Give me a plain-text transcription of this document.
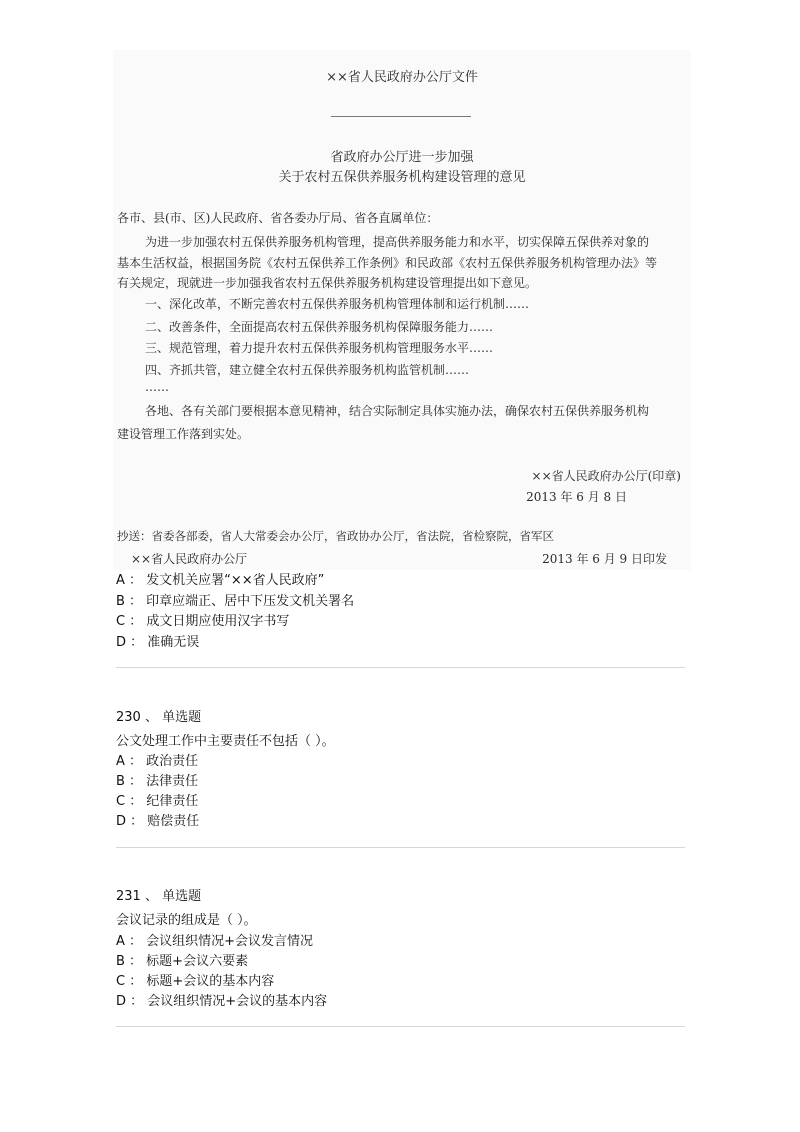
××省人民政府办公厅文件
省政府办公厅进一步加强
关于农村五保供养服务机构建设管理的意见
各市、县(市、区)人民政府、省各委办厅局、省各直属单位：
为进一步加强农村五保供养服务机构管理，提高供养服务能力和水平，切实保障五保供养对象的
基本生活权益，根据国务院《农村五保供养工作条例》和民政部《农村五保供养服务机构管理办法》等
有关规定，现就进一步加强我省农村五保供养服务机构建设管理提出如下意见。
一、深化改革，不断完善农村五保供养服务机构管理体制和运行机制……
二、改善条件，全面提高农村五保供养服务机构保障服务能力……
三、规范管理，着力提升农村五保供养服务机构管理服务水平……
四、齐抓共管，建立健全农村五保供养服务机构监管机制……
……
各地、各有关部门要根据本意见精神，结合实际制定具体实施办法，确保农村五保供养服务机构
建设管理工作落到实处。
××省人民政府办公厅(印章)
2013 年 6 月 8 日
抄送：省委各部委，省人大常委会办公厅，省政协办公厅，省法院，省检察院，省军区
××省人民政府办公厅	2013 年 6 月 9 日印发
A ： 发文机关应署“××省人民政府”
B ： 印章应端正、居中下压发文机关署名
C ： 成文日期应使用汉字书写
D ： 准确无误
230 、 单选题
公文处理工作中主要责任不包括（ ）。
A ： 政治责任
B ： 法律责任
C ： 纪律责任
D ： 赔偿责任
231 、 单选题
会议记录的组成是（ ）。
A ： 会议组织情况+会议发言情况
B ： 标题+会议六要素
C ： 标题+会议的基本内容
D ： 会议组织情况+会议的基本内容
